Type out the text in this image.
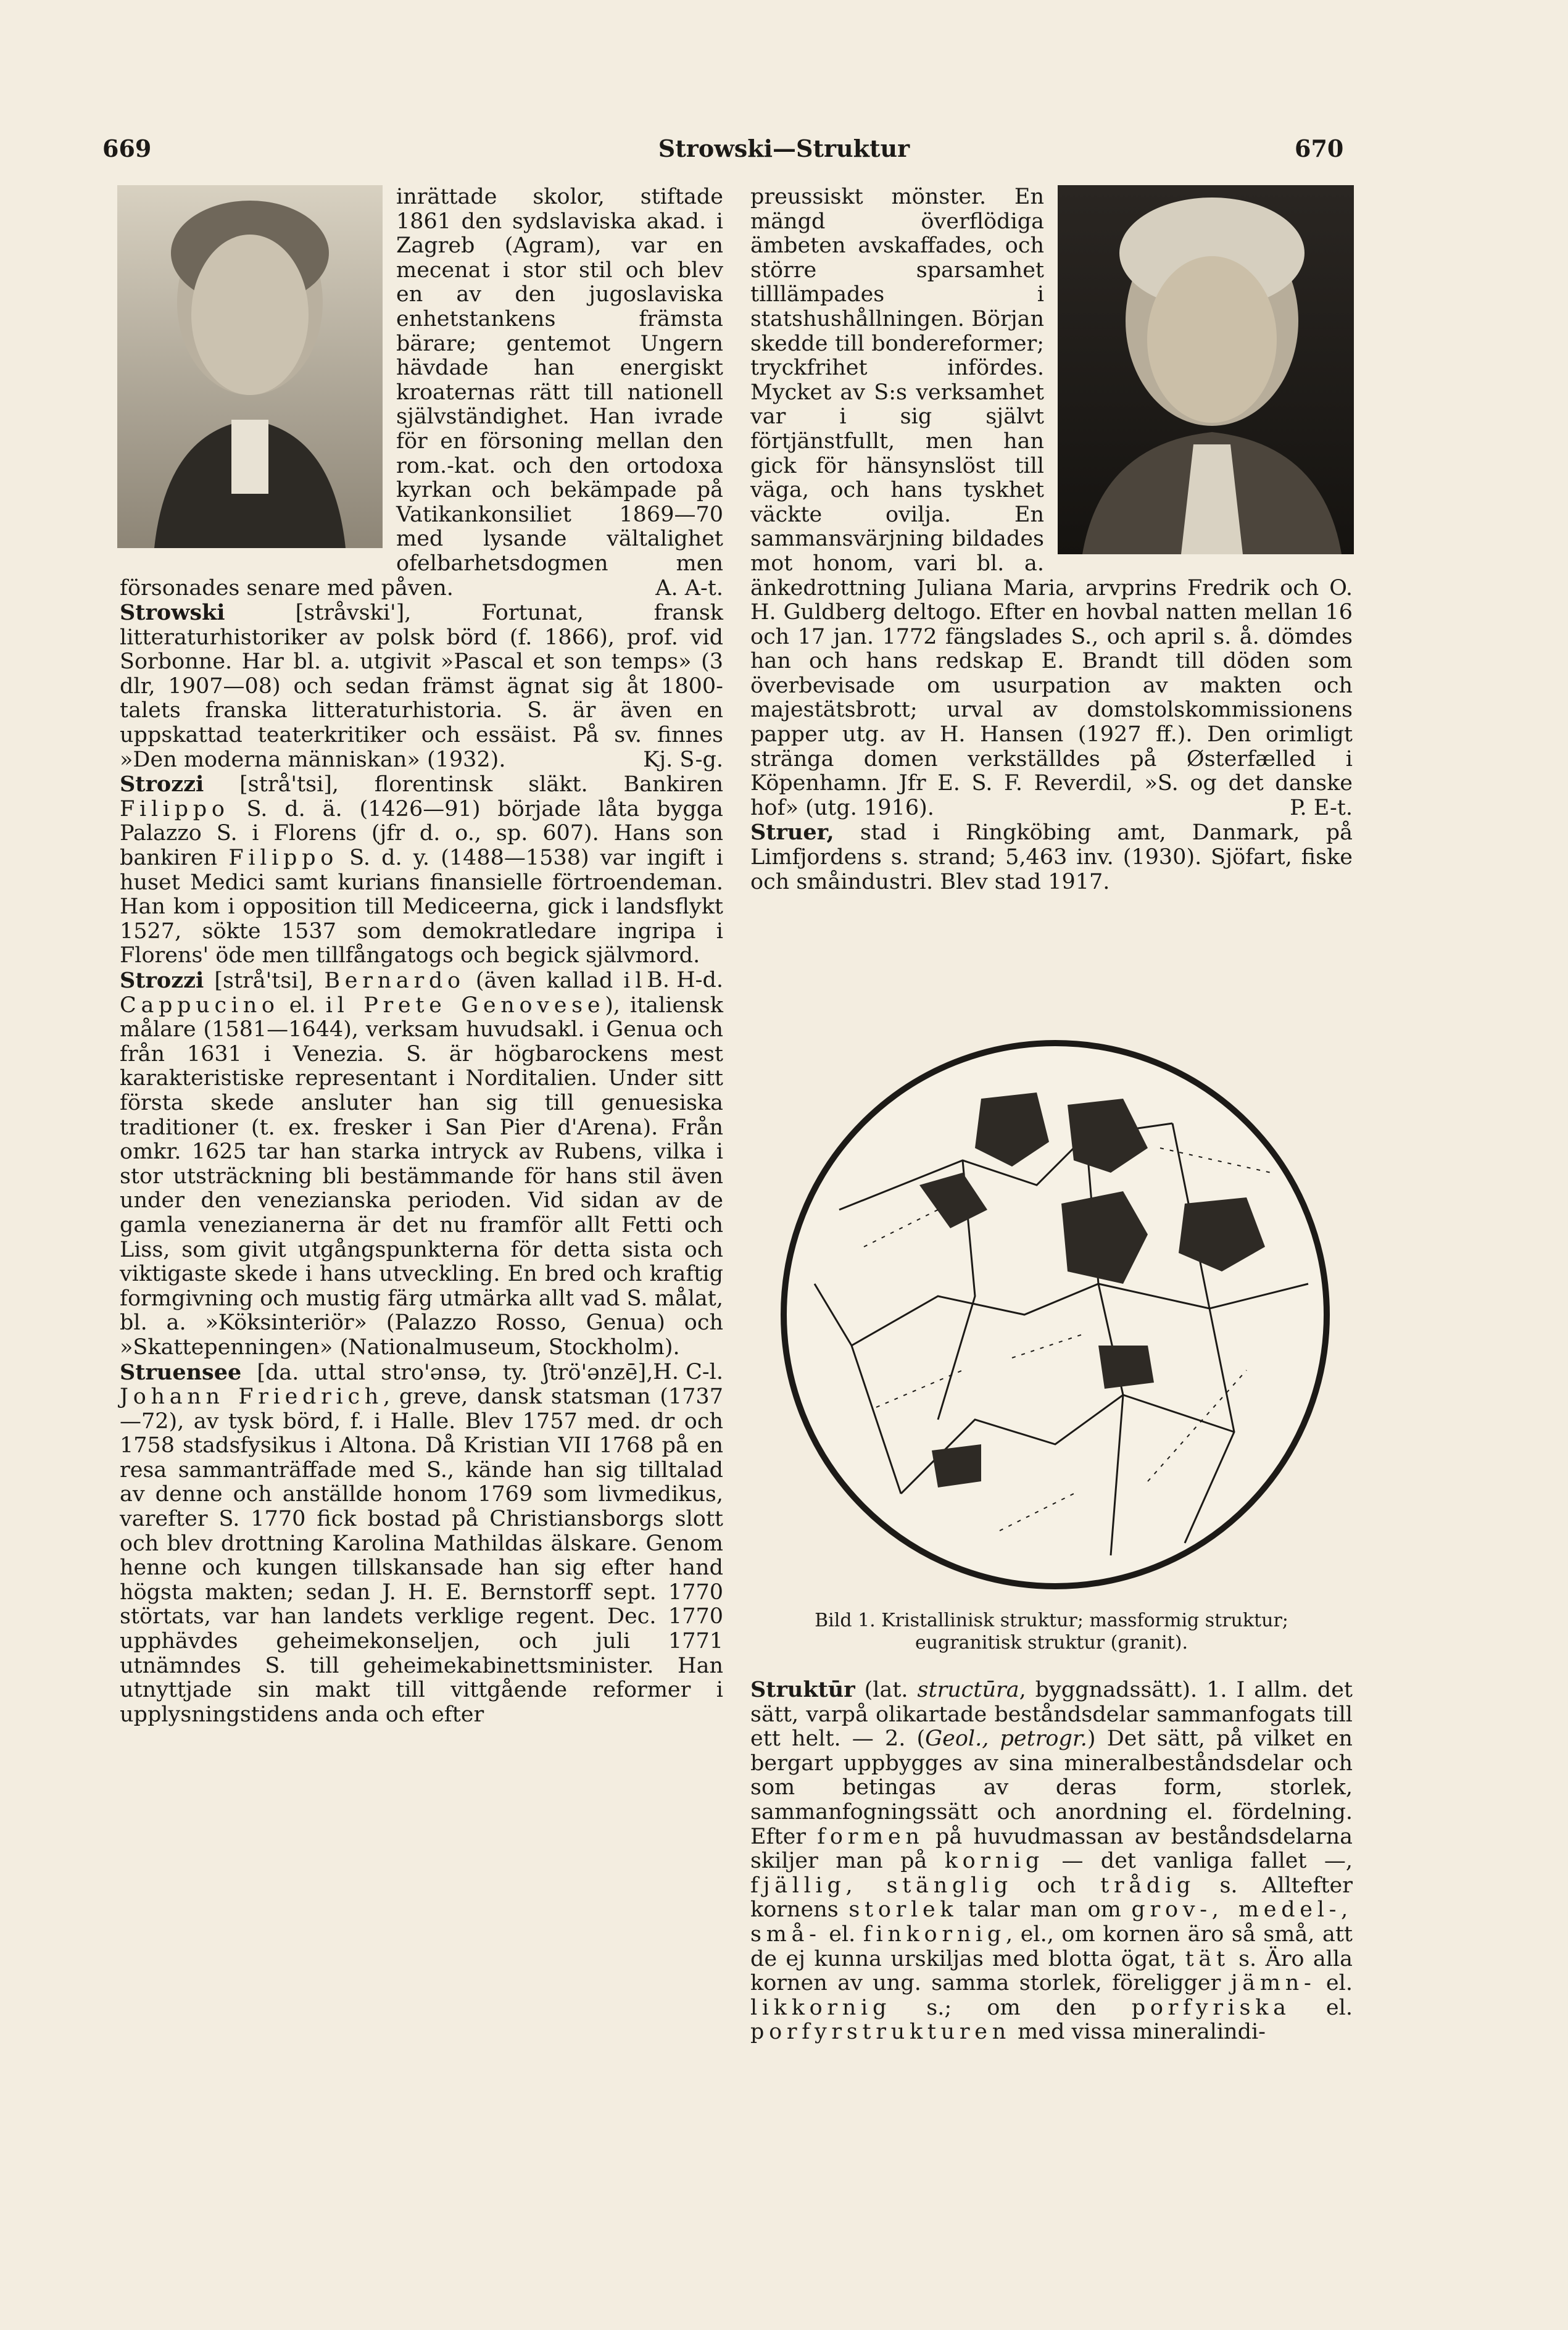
669	Strowski—Struktur	670

inrättade skolor, stiftade 1861 den sydslaviska akad. i Zagreb (Agram), var en mecenat i stor stil och blev en av den jugoslaviska enhetstankens främsta bärare; gentemot Ungern hävdade han energiskt kroaternas rätt till nationell självständighet. Han ivrade för en försoning mellan den rom.-kat. och den ortodoxa kyrkan och bekämpade på Vatikankonsiliet 1869—70 med lysande vältalighet ofelbarhetsdogmen men försonades senare med påven.	A. A-t.

Strowski	[stråvski'], Fortunat, fransk litteraturhistoriker av polsk börd (f. 1866), prof. vid Sorbonne. Har bl. a. utgivit »Pascal et son temps» (3 dlr, 1907—08) och sedan främst ägnat sig åt 1800-talets franska litteraturhistoria. S. är även en uppskattad teaterkritiker och essäist. På sv. finnes »Den moderna människan» (1932).	Kj. S-g.

Strozzi [strå'tsi], florentinsk släkt. Bankiren Filippo S. d. ä. (1426—91) började låta bygga Palazzo S. i Florens (jfr d. o., sp. 607). Hans son bankiren Filippo S. d. y. (1488—1538) var ingift i huset Medici samt kurians finansielle förtroendeman. Han kom i opposition till Mediceerna, gick i landsflykt 1527, sökte 1537 som demokratledare ingripa i Florens' öde men tillfångatogs och begick självmord.
B. H-d.

Strozzi [strå'tsi], Bernardo (även kallad il Cappucino el. il Prete Genovese), italiensk målare (1581—1644), verksam huvudsakl. i Genua och från 1631 i Venezia. S. är högbarockens mest karakteristiske representant i Norditalien. Under sitt första skede ansluter han sig till genuesiska traditioner (t. ex. fresker i San Pier d'Arena). Från omkr. 1625 tar han starka intryck av Rubens, vilka i stor utsträckning bli bestämmande för hans stil även under den venezianska perioden. Vid sidan av de gamla venezianerna är det nu framför allt Fetti och Liss, som givit utgångspunkterna för detta sista och viktigaste skede i hans utveckling. En bred och kraftig formgivning och mustig färg utmärka allt vad S. målat, bl. a. »Köksinteriör» (Palazzo Rosso, Genua) och »Skattepenningen» (Nationalmuseum, Stockholm).
H. C-l.

Struensee [da. uttal stro'ənsə, ty. ʃtrö'ənzē], Johann Friedrich, greve, dansk statsman (1737—72), av tysk börd, f. i Halle. Blev 1757 med. dr och 1758 stadsfysikus i Altona. Då Kristian VII 1768 på en resa sammanträffade med S., kände han sig tilltalad av denne och anställde honom 1769 som livmedikus, varefter S. 1770 fick bostad på Christiansborgs slott och blev drottning Karolina Mathildas älskare. Genom henne och kungen tillskansade han sig efter hand högsta makten; sedan J. H. E. Bernstorff sept. 1770 störtats, var han landets verklige regent. Dec. 1770 upphävdes geheimekonseljen, och juli 1771 utnämndes S. till geheimekabinettsminister. Han utnyttjade sin makt till vittgående reformer i upplysningstidens anda och efter

preussiskt mönster. En mängd överflödiga ämbeten avskaffades, och större sparsamhet tilllämpades i statshushållningen. Början skedde till bondereformer; tryckfrihet infördes. Mycket av S:s verksamhet var i sig självt förtjänstfullt, men han gick för hänsynslöst till väga, och hans tyskhet väckte ovilja. En sammansvärjning bildades mot honom, vari bl. a. änkedrottning Juliana Maria, arvprins Fredrik och O. H. Guldberg deltogo. Efter en hovbal natten mellan 16 och 17 jan. 1772 fängslades S., och april s. å. dömdes han och hans redskap E. Brandt till döden som överbevisade om usurpation av makten och majestätsbrott; urval av domstolskommissionens papper utg. av H. Hansen (1927 ff.). Den orimligt stränga domen verkställdes på Østerfælled i Köpenhamn. Jfr E. S. F. Reverdil, »S. og det danske hof» (utg. 1916).	P. E-t.

Struer, stad i Ringköbing amt, Danmark, på Limfjordens s. strand; 5,463 inv. (1930). Sjöfart, fiske och småindustri. Blev stad 1917.

Bild 1. Kristallinisk struktur; massformig struktur;
eugranitisk struktur (granit).

Struktūr (lat. structūra, byggnadssätt). 1. I allm. det sätt, varpå olikartade beståndsdelar sammanfogats till ett helt. — 2. (Geol., petrogr.) Det sätt, på vilket en bergart uppbygges av sina mineralbeståndsdelar och som betingas av deras form, storlek, sammanfogningssätt och anordning el. fördelning. Efter formen på huvudmassan av beståndsdelarna skiljer man på kornig — det vanliga fallet —, fjällig, stänglig och trådig s. Alltefter kornens storlek talar man om grov-, medel-, små- el. finkornig, el., om kornen äro så små, att de ej kunna urskiljas med blotta ögat, tät s. Äro alla kornen av ung. samma storlek, föreligger jämn- el. likkornig s.; om den porfyriska el. porfyrstrukturen med vissa mineralindi-
